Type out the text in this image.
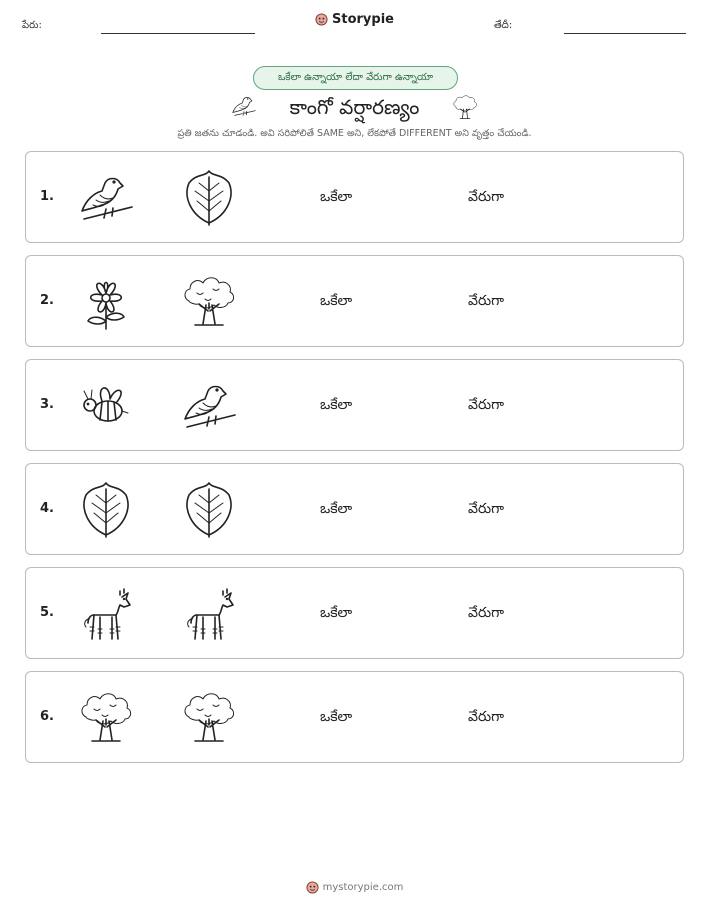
పేరు:	Storypie	తేదీ:
ఒకేలా ఉన్నాయా లేదా వేరుగా ఉన్నాయా
కాంగో వర్షారణ్యం
ప్రతి జతను చూడండి. అవి సరిపోలితే SAME అని, లేకపోతే DIFFERENT అని వృత్తం చేయండి.
1.	ఒకేలా	వేరుగా
2.	ఒకేలా	వేరుగా
3.	ఒకేలా	వేరుగా
4.	ఒకేలా	వేరుగా
5.	ఒకేలా	వేరుగా
6.	ఒకేలా	వేరుగా
mystorypie.com
